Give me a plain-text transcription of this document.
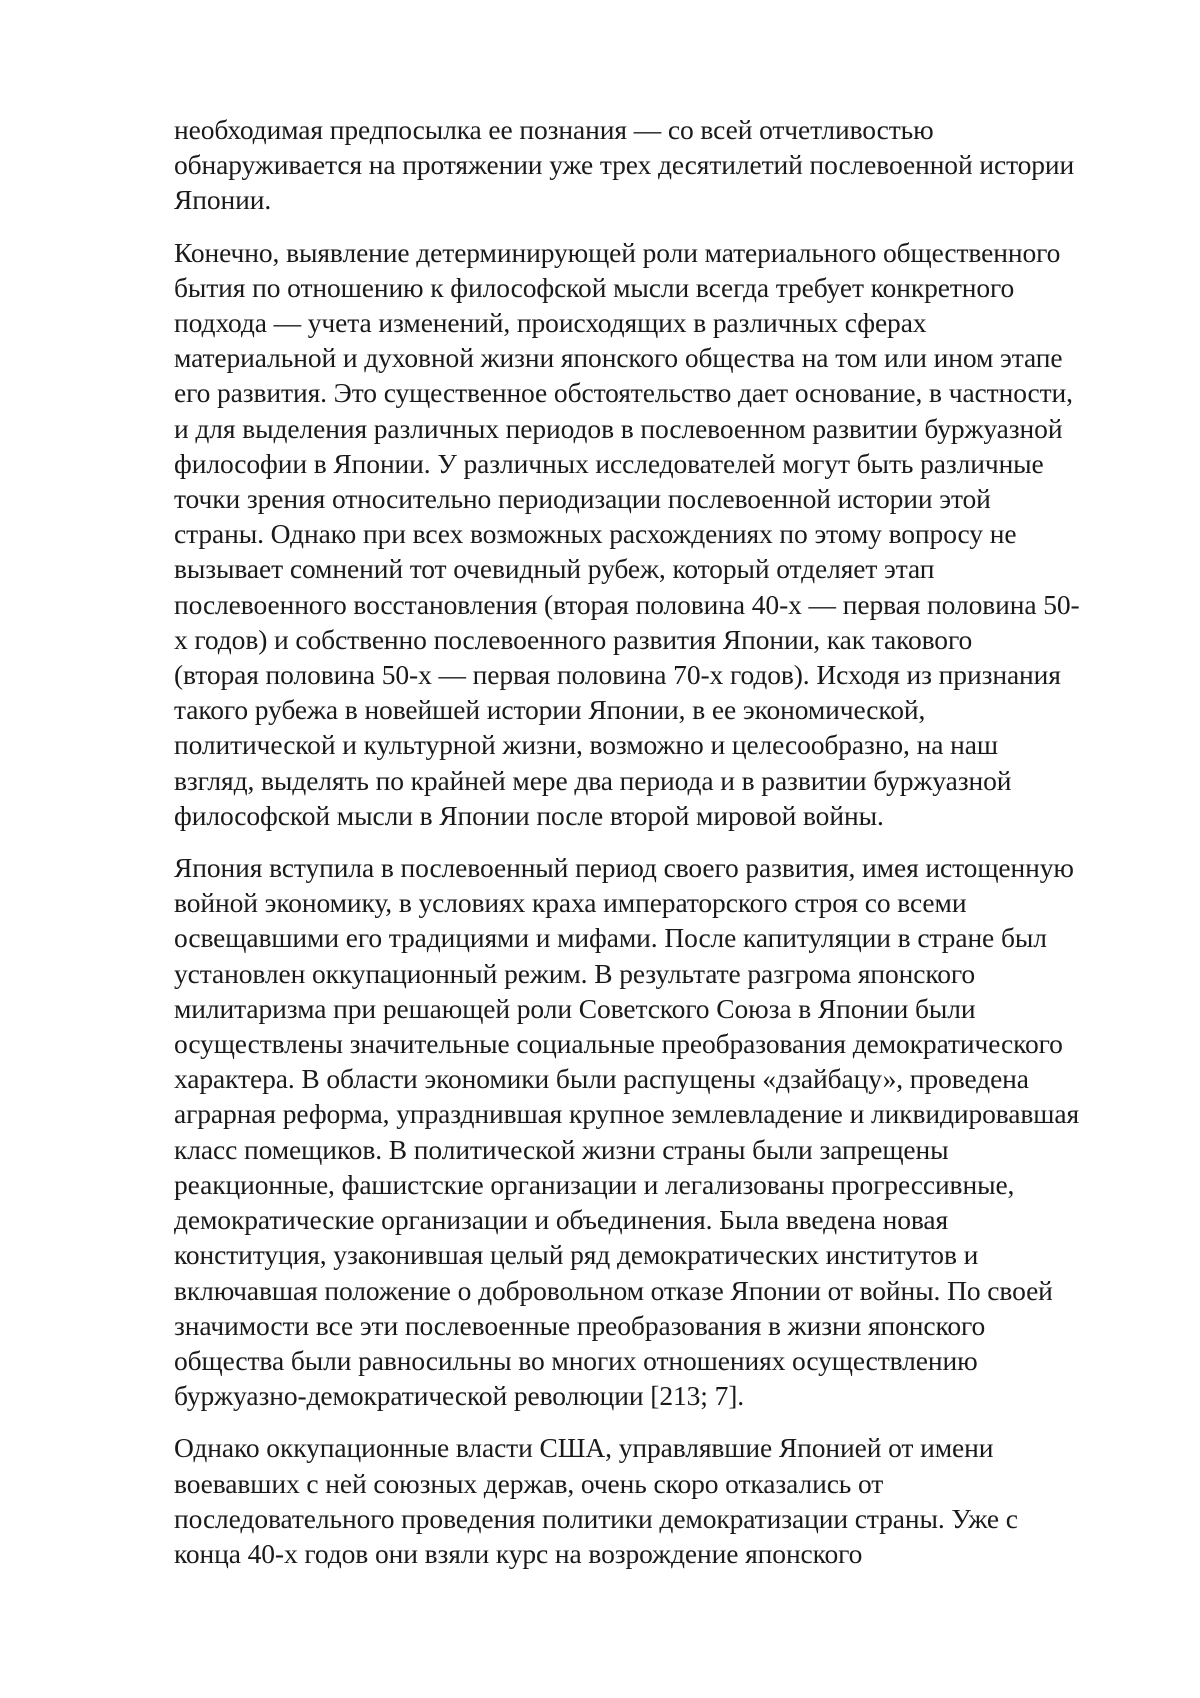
необходимая предпосылка ее познания — со всей отчетливостью
обнаруживается на протяжении уже трех десятилетий послевоенной истории
Японии.

Конечно, выявление детерминирующей роли материального общественного
бытия по отношению к философской мысли всегда требует конкретного
подхода — учета изменений, происходящих в различных сферах
материальной и духовной жизни японского общества на том или ином этапе
его развития. Это существенное обстоятельство дает основание, в частности,
и для выделения различных периодов в послевоенном развитии буржуазной
философии в Японии. У различных исследователей могут быть различные
точки зрения относительно периодизации послевоенной истории этой
страны. Однако при всех возможных расхождениях по этому вопросу не
вызывает сомнений тот очевидный рубеж, который отделяет этап
послевоенного восстановления (вторая половина 40-х — первая половина 50-
х годов) и собственно послевоенного развития Японии, как такового
(вторая половина 50-х — первая половина 70-х годов). Исходя из признания
такого рубежа в новейшей истории Японии, в ее экономической,
политической и культурной жизни, возможно и целесообразно, на наш
взгляд, выделять по крайней мере два периода и в развитии буржуазной
философской мысли в Японии после второй мировой войны.

Япония вступила в послевоенный период своего развития, имея истощенную
войной экономику, в условиях краха императорского строя со всеми
освещавшими его традициями и мифами. После капитуляции в стране был
установлен оккупационный режим. В результате разгрома японского
милитаризма при решающей роли Советского Союза в Японии были
осуществлены значительные социальные преобразования демократического
характера. В области экономики были распущены «дзайбацу», проведена
аграрная реформа, упразднившая крупное землевладение и ликвидировавшая
класс помещиков. В политической жизни страны были запрещены
реакционные, фашистские организации и легализованы прогрессивные,
демократические организации и объединения. Была введена новая
конституция, узаконившая целый ряд демократических институтов и
включавшая положение о добровольном отказе Японии от войны. По своей
значимости все эти послевоенные преобразования в жизни японского
общества были равносильны во многих отношениях осуществлению
буржуазно-демократической революции [213; 7].

Однако оккупационные власти США, управлявшие Японией от имени
воевавших с ней союзных держав, очень скоро отказались от
последовательного проведения политики демократизации страны. Уже с
конца 40-х годов они взяли курс на возрождение японского
